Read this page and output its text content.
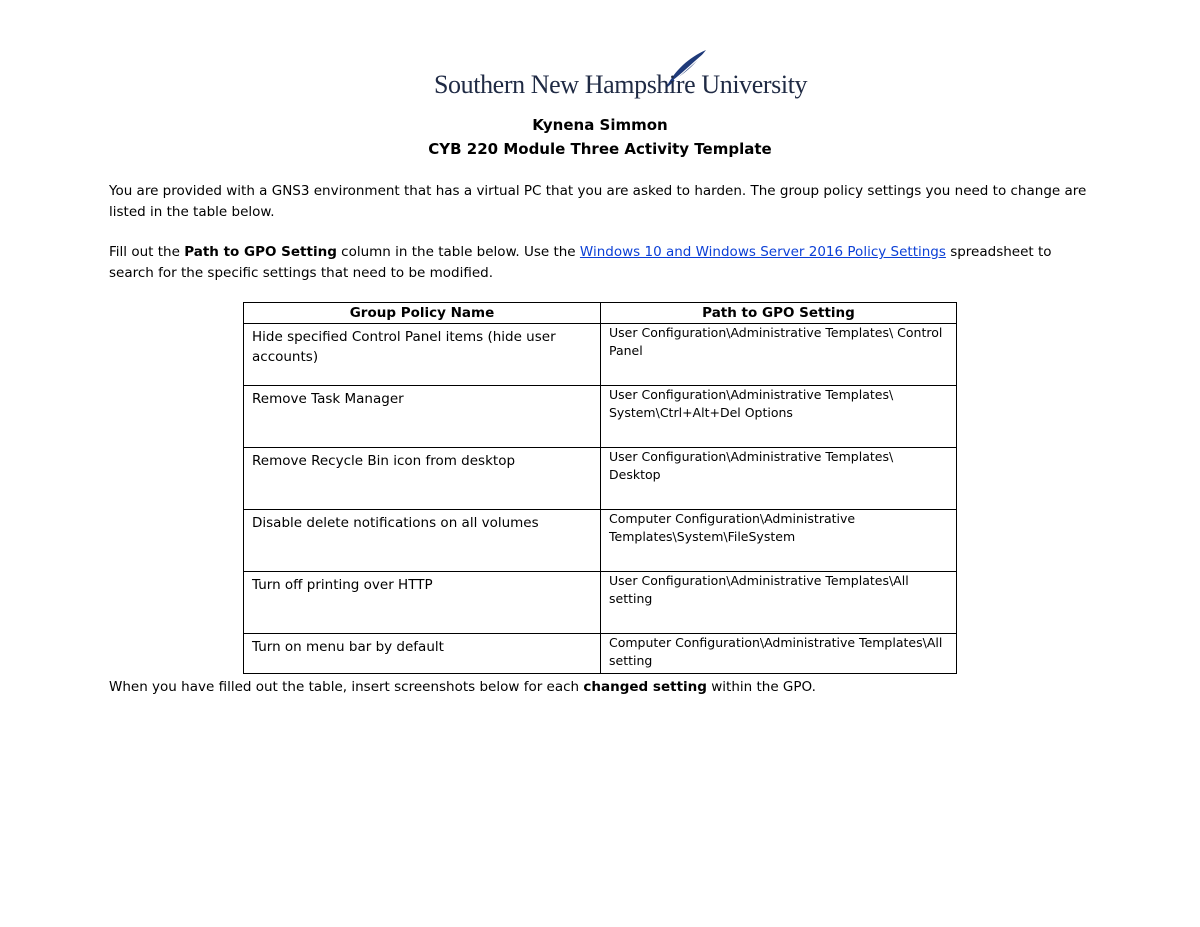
Southern New Hampshire University
Kynena Simmon
CYB 220 Module Three Activity Template
You are provided with a GNS3 environment that has a virtual PC that you are asked to harden. The group policy settings you need to change are listed in the table below.
Fill out the Path to GPO Setting column in the table below. Use the Windows 10 and Windows Server 2016 Policy Settings spreadsheet to search for the specific settings that need to be modified.
Group Policy Name	Path to GPO Setting
Hide specified Control Panel items (hide user accounts)	User Configuration\Administrative Templates\ Control Panel
Remove Task Manager	User Configuration\Administrative Templates\ System\Ctrl+Alt+Del Options
Remove Recycle Bin icon from desktop	User Configuration\Administrative Templates\ Desktop
Disable delete notifications on all volumes	Computer Configuration\Administrative Templates\System\FileSystem
Turn off printing over HTTP	User Configuration\Administrative Templates\All setting
Turn on menu bar by default	Computer Configuration\Administrative Templates\All setting
When you have filled out the table, insert screenshots below for each changed setting within the GPO.
